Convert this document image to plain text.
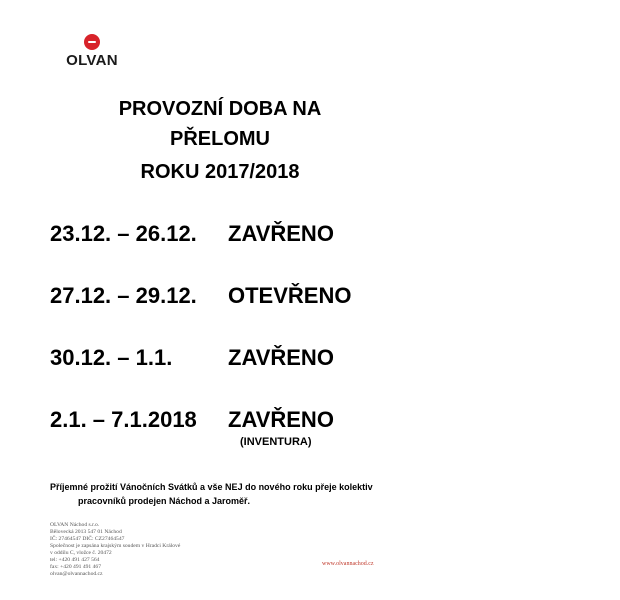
OLVAN
PROVOZNÍ DOBA NA
PŘELOMU
ROKU 2017/2018
23.12. – 26.12. ZAVŘENO
27.12. – 29.12. OTEVŘENO
30.12. – 1.1.	ZAVŘENO
2.1. – 7.1.2018 ZAVŘENO
(INVENTURA)
Příjemné prožití Vánočních Svátků a vše NEJ do nového roku přeje kolektiv
pracovníků prodejen Náchod a Jaroměř.
OLVAN Náchod s.r.o.
Bělovecká 2013 547 01 Náchod
IČ: 27464547 DIČ: CZ27464547
Společnost je zapsána krajským soudem v Hradci Králové
v oddílu C, vložce č. 20472
tel: +420 491 427 564
fax: +420 491 491 467
olvan@olvannachod.cz
www.olvannachod.cz
